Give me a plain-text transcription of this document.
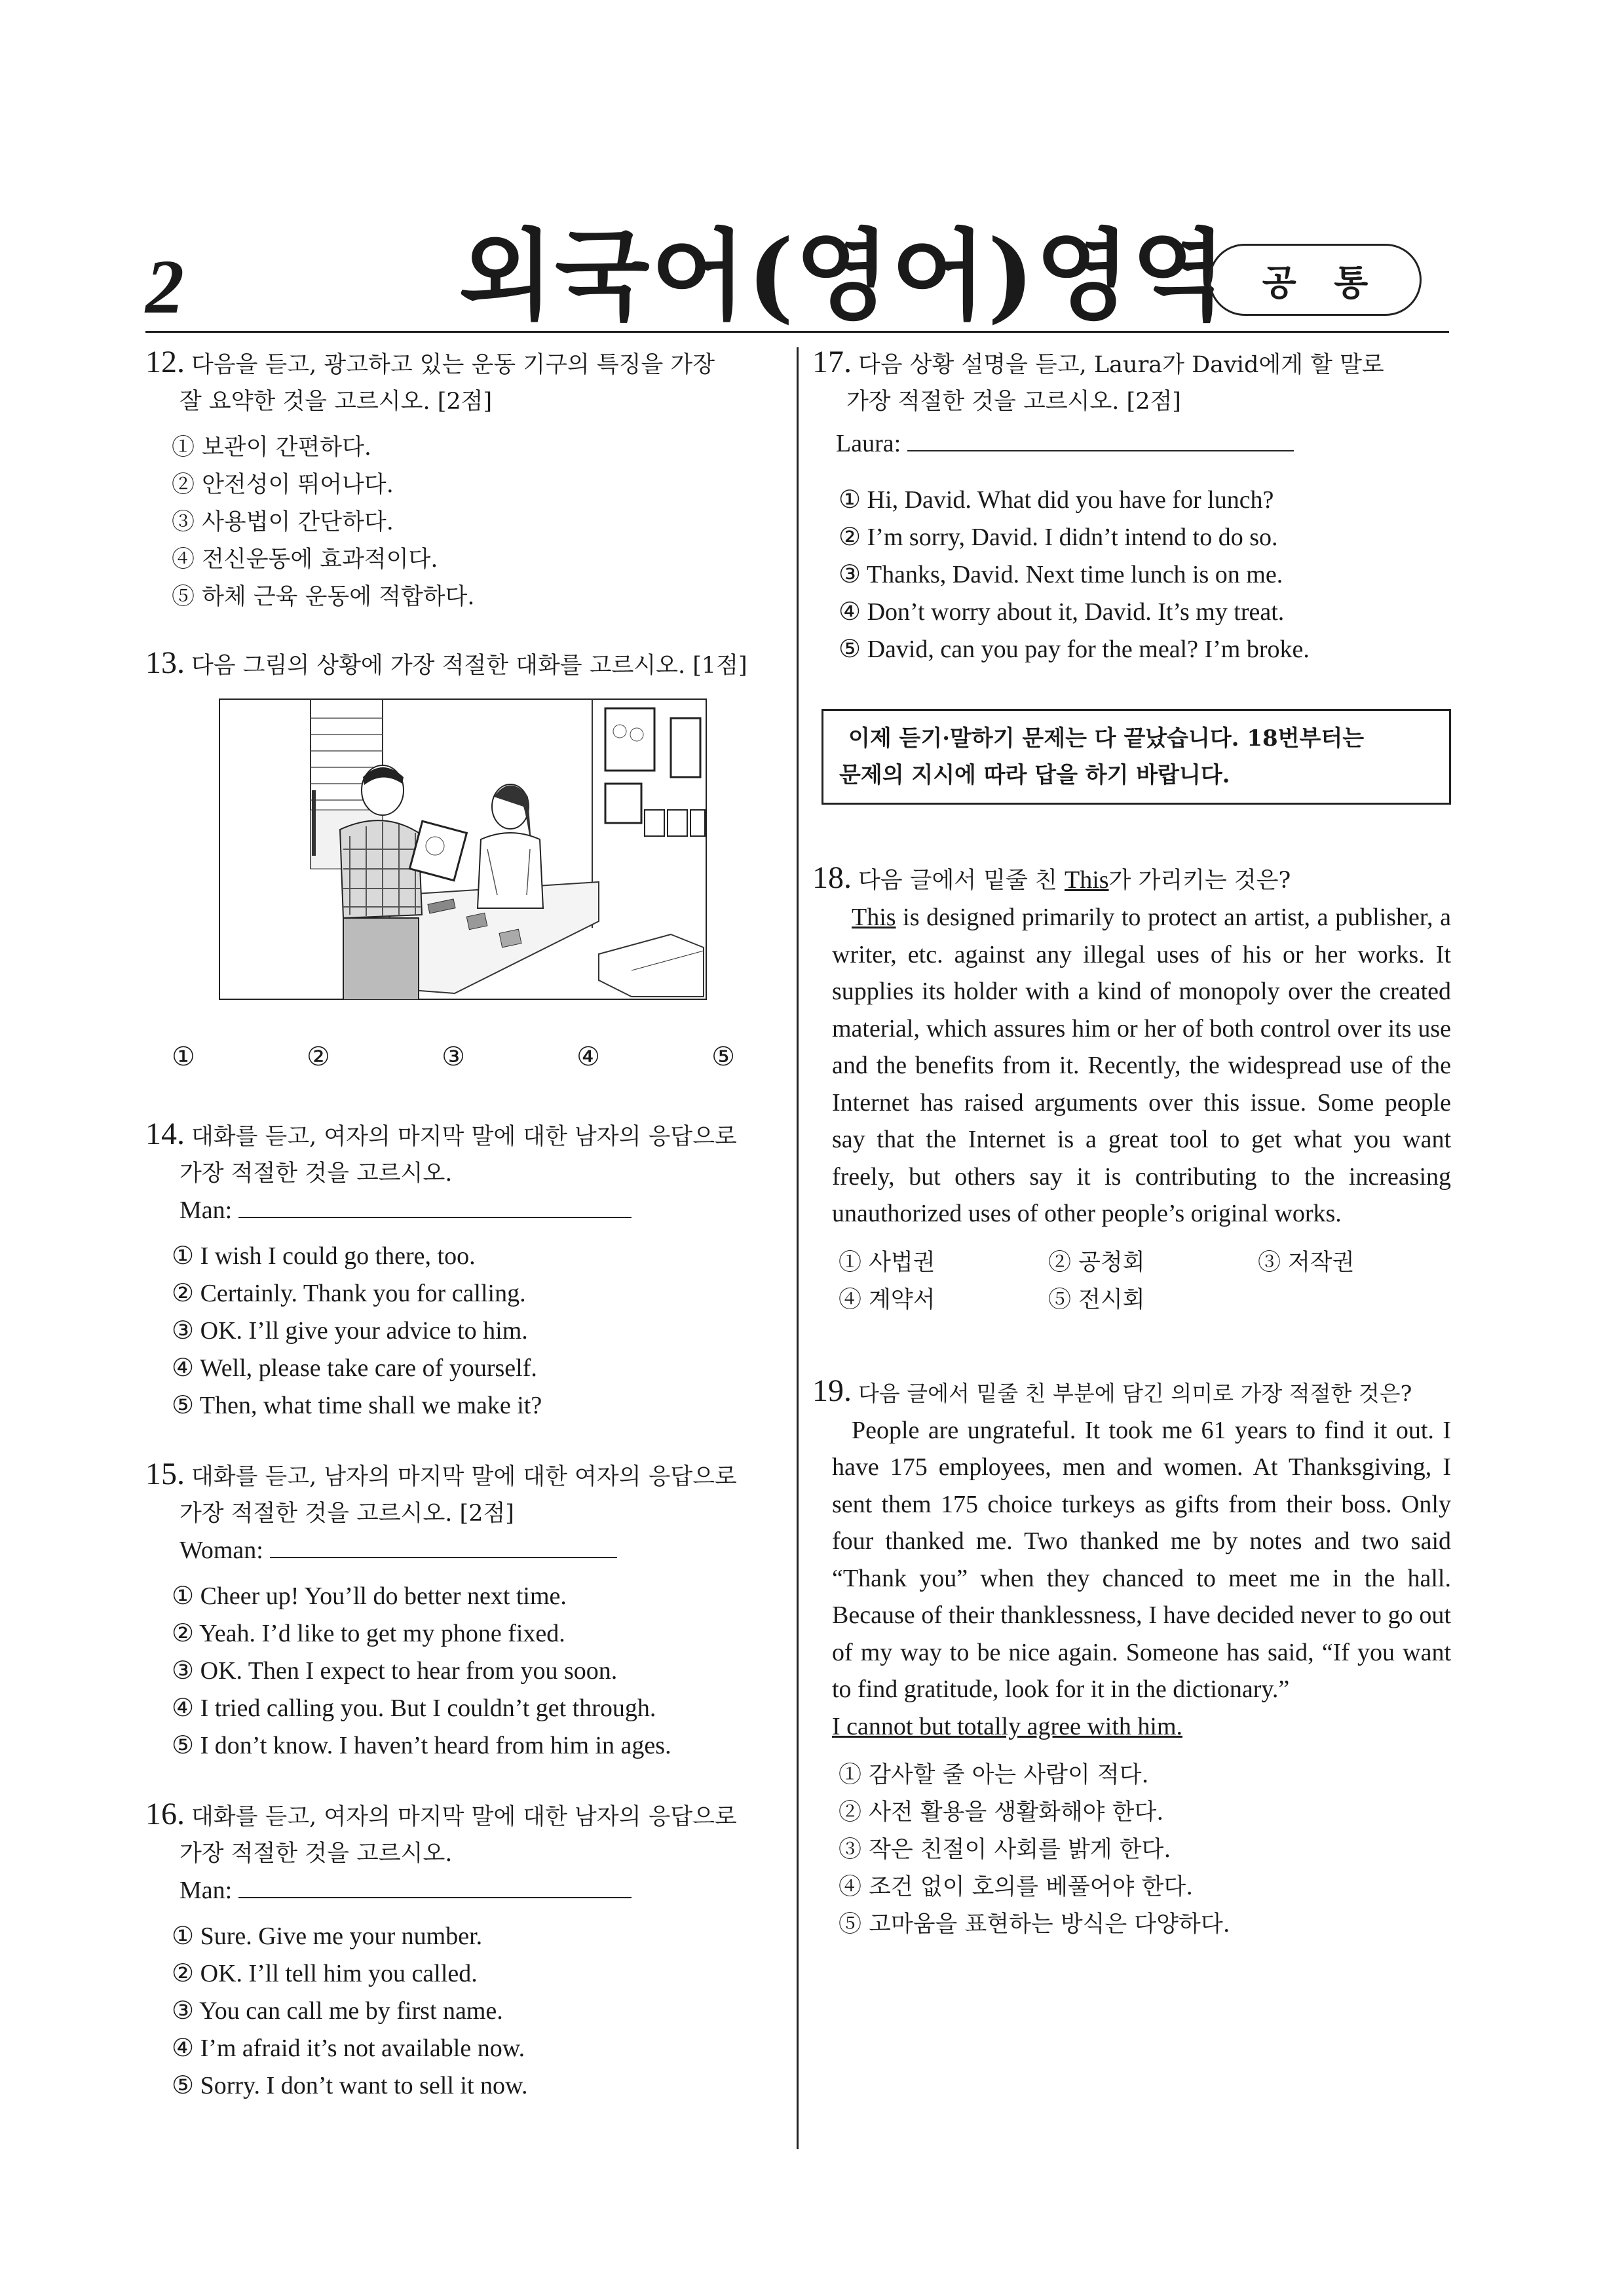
2	외국어(영어)영역 공 통
12. 다음을 듣고, 광고하고 있는 운동 기구의 특징을 가장
잘 요약한 것을 고르시오. [2점]
① 보관이 간편하다.
② 안전성이 뛰어나다.
③ 사용법이 간단하다.
④ 전신운동에 효과적이다.
⑤ 하체 근육 운동에 적합하다.
13. 다음 그림의 상황에 가장 적절한 대화를 고르시오. [1점]
①	②	③	④	⑤
14. 대화를 듣고, 여자의 마지막 말에 대한 남자의 응답으로
가장 적절한 것을 고르시오.
Man:
① I wish I could go there, too.
② Certainly. Thank you for calling.
③ OK. I’ll give your advice to him.
④ Well, please take care of yourself.
⑤ Then, what time shall we make it?
15. 대화를 듣고, 남자의 마지막 말에 대한 여자의 응답으로
가장 적절한 것을 고르시오. [2점]
Woman:
① Cheer up! You’ll do better next time.
② Yeah. I’d like to get my phone fixed.
③ OK. Then I expect to hear from you soon.
④ I tried calling you. But I couldn’t get through.
⑤ I don’t know. I haven’t heard from him in ages.
16. 대화를 듣고, 여자의 마지막 말에 대한 남자의 응답으로
가장 적절한 것을 고르시오.
Man:
① Sure. Give me your number.
② OK. I’ll tell him you called.
③ You can call me by first name.
④ I’m afraid it’s not available now.
⑤ Sorry. I don’t want to sell it now.
17. 다음 상황 설명을 듣고, Laura가 David에게 할 말로
가장 적절한 것을 고르시오. [2점]
Laura:
① Hi, David. What did you have for lunch?
② I’m sorry, David. I didn’t intend to do so.
③ Thanks, David. Next time lunch is on me.
④ Don’t worry about it, David. It’s my treat.
⑤ David, can you pay for the meal? I’m broke.
이제 듣기·말하기 문제는 다 끝났습니다. 18번부터는
문제의 지시에 따라 답을 하기 바랍니다.
18. 다음 글에서 밑줄 친 This가 가리키는 것은?
This is designed primarily to protect an artist, a publisher, a writer, etc. against any illegal uses of his or her works. It supplies its holder with a kind of monopoly over the created material, which assures him or her of both control over its use and the benefits from it. Recently, the widespread use of the Internet has raised arguments over this issue. Some people say that the Internet is a great tool to get what you want freely, but others say it is contributing to the increasing unauthorized uses of other people’s original works.
① 사법권	② 공청회	③ 저작권
④ 계약서	⑤ 전시회
19. 다음 글에서 밑줄 친 부분에 담긴 의미로 가장 적절한 것은?
People are ungrateful. It took me 61 years to find it out. I have 175 employees, men and women. At Thanksgiving, I sent them 175 choice turkeys as gifts from their boss. Only four thanked me. Two thanked me by notes and two said “Thank you” when they chanced to meet me in the hall. Because of their thanklessness, I have decided never to go out of my way to be nice again. Someone has said, “If you want to find gratitude, look for it in the dictionary.”
I cannot but totally agree with him.
① 감사할 줄 아는 사람이 적다.
② 사전 활용을 생활화해야 한다.
③ 작은 친절이 사회를 밝게 한다.
④ 조건 없이 호의를 베풀어야 한다.
⑤ 고마움을 표현하는 방식은 다양하다.
